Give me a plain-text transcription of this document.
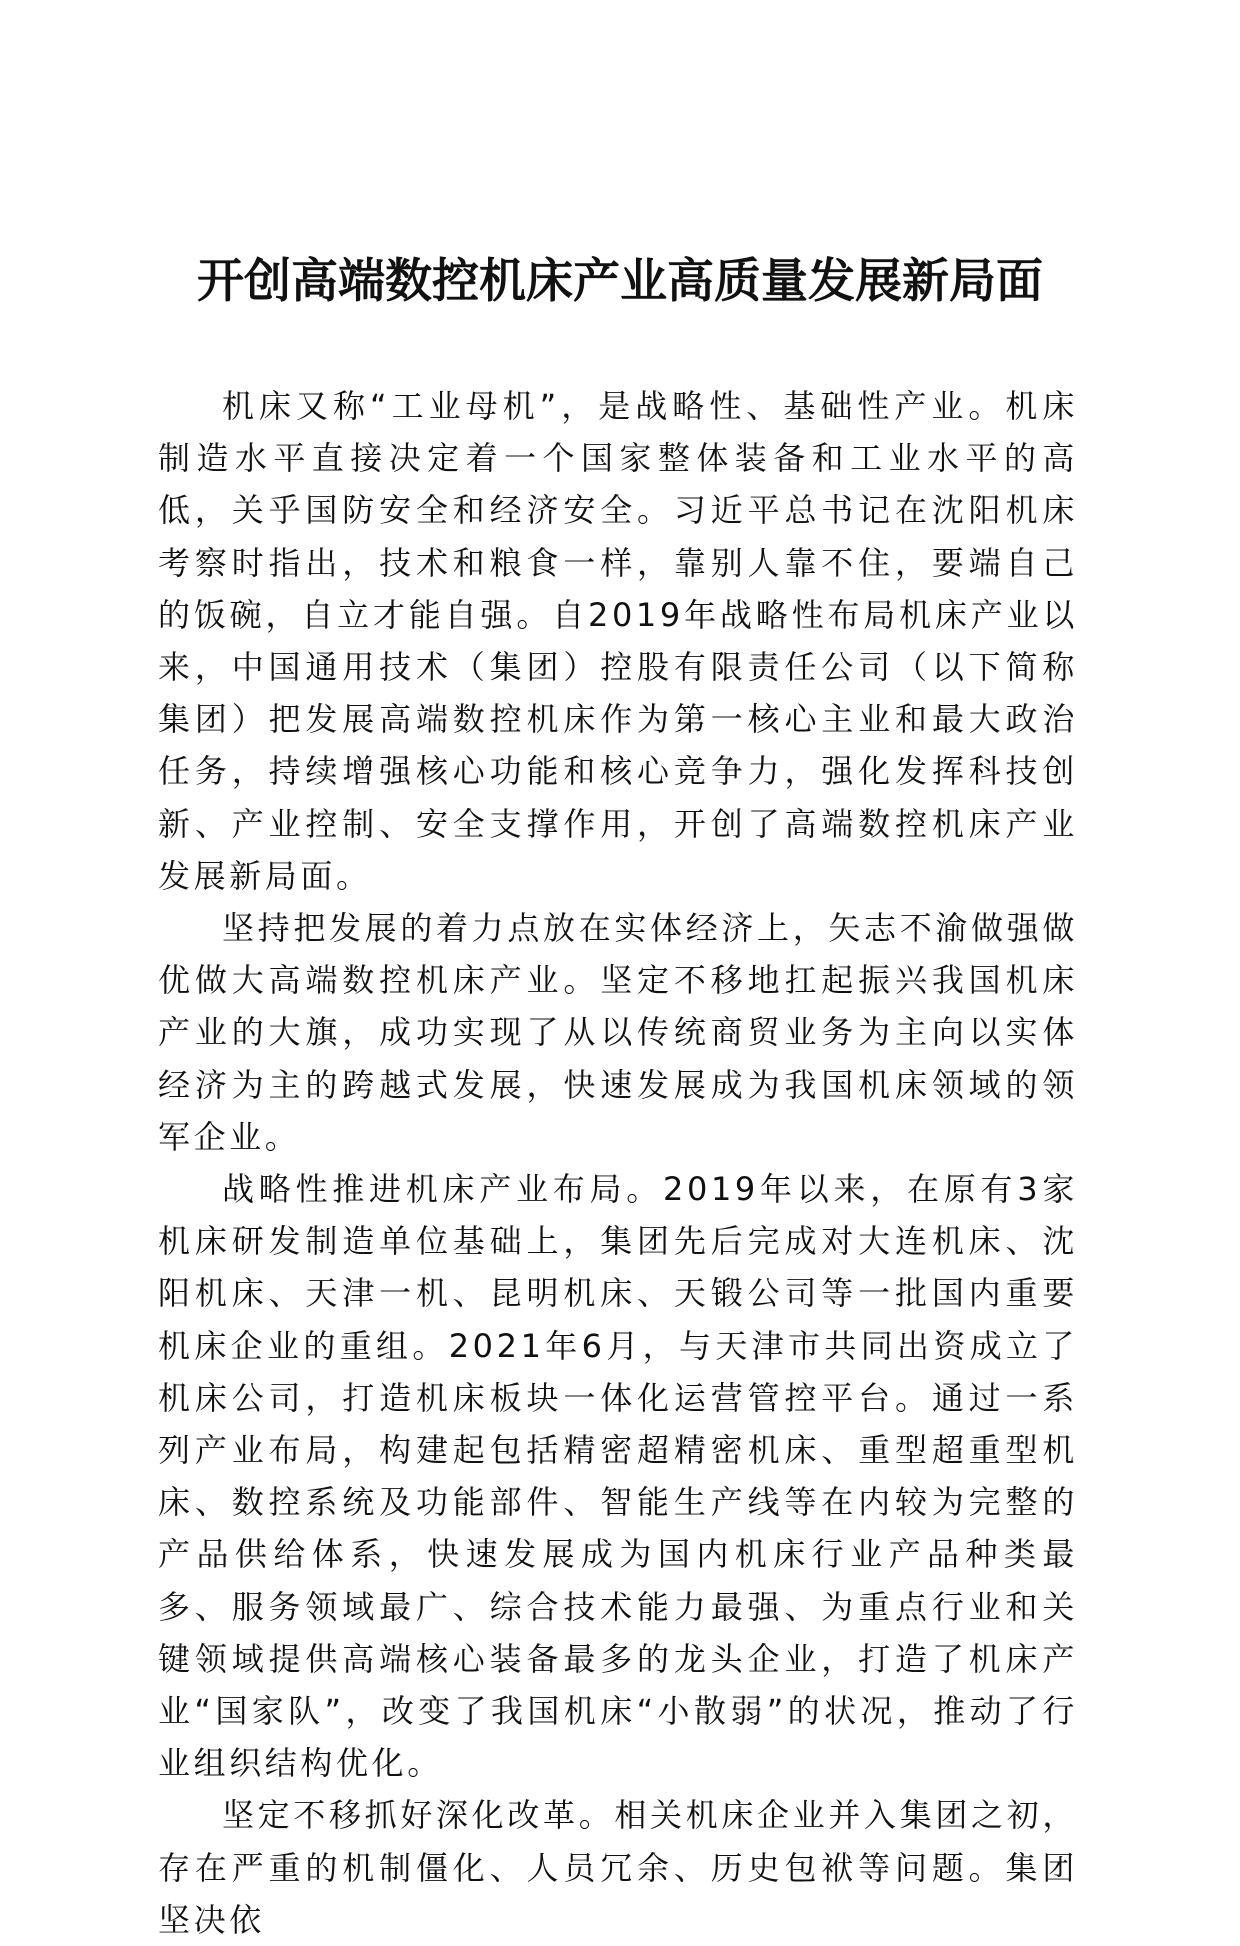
开创高端数控机床产业高质量发展新局面

机床又称“工业母机”，是战略性、基础性产业。机床制造水平直接决定着一个国家整体装备和工业水平的高低，关乎国防安全和经济安全。习近平总书记在沈阳机床考察时指出，技术和粮食一样，靠别人靠不住，要端自己的饭碗，自立才能自强。自2019年战略性布局机床产业以来，中国通用技术（集团）控股有限责任公司（以下简称集团）把发展高端数控机床作为第一核心主业和最大政治任务，持续增强核心功能和核心竞争力，强化发挥科技创新、产业控制、安全支撑作用，开创了高端数控机床产业发展新局面。

坚持把发展的着力点放在实体经济上，矢志不渝做强做优做大高端数控机床产业。坚定不移地扛起振兴我国机床产业的大旗，成功实现了从以传统商贸业务为主向以实体经济为主的跨越式发展，快速发展成为我国机床领域的领军企业。

战略性推进机床产业布局。2019年以来，在原有3家机床研发制造单位基础上，集团先后完成对大连机床、沈阳机床、天津一机、昆明机床、天锻公司等一批国内重要机床企业的重组。2021年6月，与天津市共同出资成立了机床公司，打造机床板块一体化运营管控平台。通过一系列产业布局，构建起包括精密超精密机床、重型超重型机床、数控系统及功能部件、智能生产线等在内较为完整的产品供给体系，快速发展成为国内机床行业产品种类最多、服务领域最广、综合技术能力最强、为重点行业和关键领域提供高端核心装备最多的龙头企业，打造了机床产业“国家队”，改变了我国机床“小散弱”的状况，推动了行业组织结构优化。

坚定不移抓好深化改革。相关机床企业并入集团之初，存在严重的机制僵化、人员冗余、历史包袱等问题。集团坚决依
